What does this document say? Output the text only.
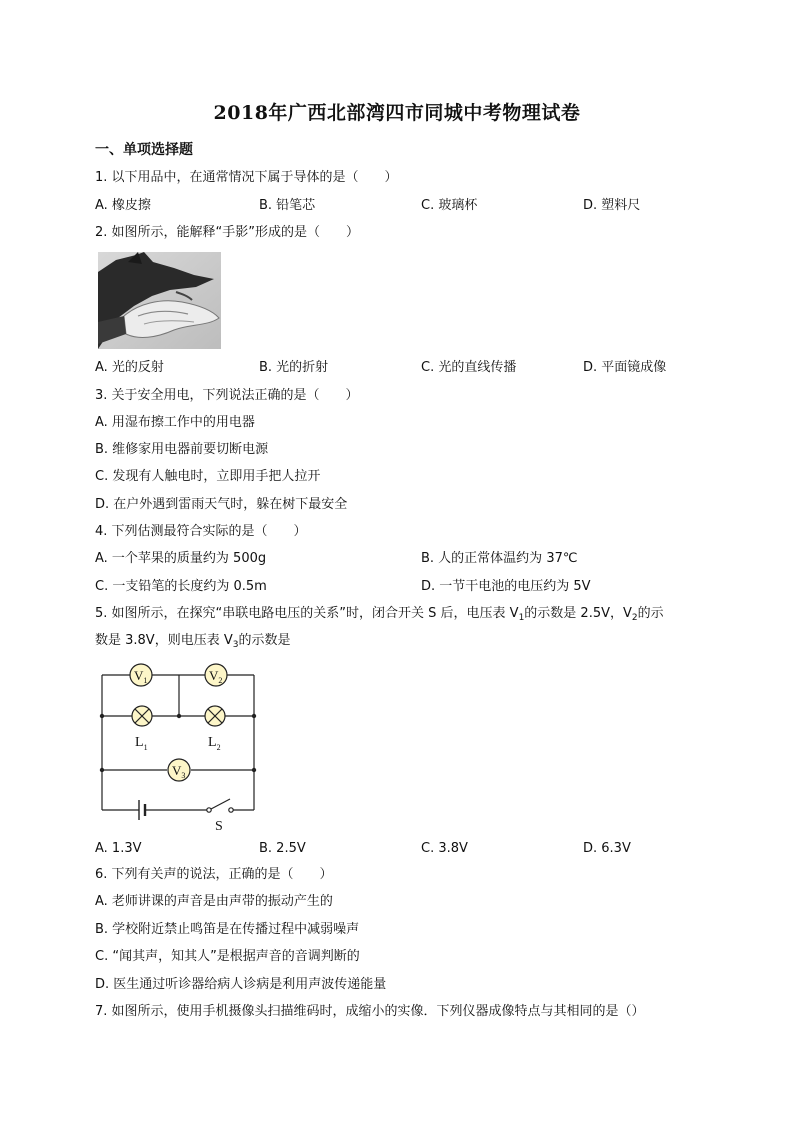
2018年广西北部湾四市同城中考物理试卷
一、单项选择题
1. 以下用品中，在通常情况下属于导体的是（　　）
A. 橡皮擦	B. 铅笔芯	C. 玻璃杯	D. 塑料尺
2. 如图所示，能解释“手影”形成的是（　　）
A. 光的反射	B. 光的折射	C. 光的直线传播	D. 平面镜成像
3. 关于安全用电，下列说法正确的是（　　）
A. 用湿布擦工作中的用电器
B. 维修家用电器前要切断电源
C. 发现有人触电时，立即用手把人拉开
D. 在户外遇到雷雨天气时，躲在树下最安全
4. 下列估测最符合实际的是（　　）
A. 一个苹果的质量约为 500g	B. 人的正常体温约为 37℃
C. 一支铅笔的长度约为 0.5m	D. 一节干电池的电压约为 5V
5. 如图所示，在探究“串联电路电压的关系”时，闭合开关 S 后，电压表 $V_1$的示数是 2.5V，$V_2$的示
数是 3.8V，则电压表 $V_3$的示数是
$V_1$	$V_2$
$V_3$
$L_1$	$L_2$
S
A. 1.3V	B. 2.5V	C. 3.8V	D. 6.3V
6. 下列有关声的说法，正确的是（　　）
A. 老师讲课的声音是由声带的振动产生的
B. 学校附近禁止鸣笛是在传播过程中减弱噪声
C. “闻其声，知其人”是根据声音的音调判断的
D. 医生通过听诊器给病人诊病是利用声波传递能量
7. 如图所示，使用手机摄像头扫描维码时，成缩小的实像．下列仪器成像特点与其相同的是（）
